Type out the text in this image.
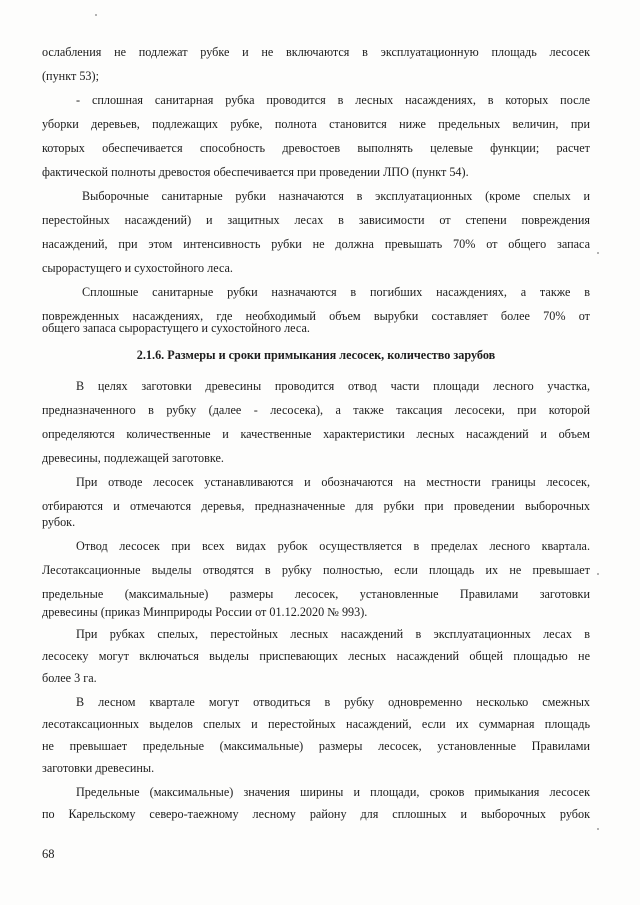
ослабления не подлежат рубке и не включаются в эксплуатационную площадь лесосек
(пункт 53);
- сплошная санитарная рубка проводится в лесных насаждениях, в которых после
уборки деревьев, подлежащих рубке, полнота становится ниже предельных величин, при
которых обеспечивается способность древостоев выполнять целевые функции; расчет
фактической полноты древостоя обеспечивается при проведении ЛПО (пункт 54).
Выборочные санитарные рубки назначаются в эксплуатационных (кроме спелых и
перестойных насаждений) и защитных лесах в зависимости от степени повреждения
насаждений, при этом интенсивность рубки не должна превышать 70% от общего запаса
сырорастущего и сухостойного леса.
Сплошные санитарные рубки назначаются в погибших насаждениях, а также в
поврежденных насаждениях, где необходимый объем вырубки составляет более 70% от
общего запаса сырорастущего и сухостойного леса.
2.1.6. Размеры и сроки примыкания лесосек, количество зарубов
В целях заготовки древесины проводится отвод части площади лесного участка,
предназначенного в рубку (далее - лесосека), а также таксация лесосеки, при которой
определяются количественные и качественные характеристики лесных насаждений и объем
древесины, подлежащей заготовке.
При отводе лесосек устанавливаются и обозначаются на местности границы лесосек,
отбираются и отмечаются деревья, предназначенные для рубки при проведении выборочных
рубок.
Отвод лесосек при всех видах рубок осуществляется в пределах лесного квартала.
Лесотаксационные выделы отводятся в рубку полностью, если площадь их не превышает
предельные (максимальные) размеры лесосек, установленные Правилами заготовки
древесины (приказ Минприроды России от 01.12.2020 № 993).
При рубках спелых, перестойных лесных насаждений в эксплуатационных лесах в
лесосеку могут включаться выделы приспевающих лесных насаждений общей площадью не
более 3 га.
В лесном квартале могут отводиться в рубку одновременно несколько смежных
лесотаксационных выделов спелых и перестойных насаждений, если их суммарная площадь
не превышает предельные (максимальные) размеры лесосек, установленные Правилами
заготовки древесины.
Предельные (максимальные) значения ширины и площади, сроков примыкания лесосек
по Карельскому северо-таежному лесному району для сплошных и выборочных рубок
68
